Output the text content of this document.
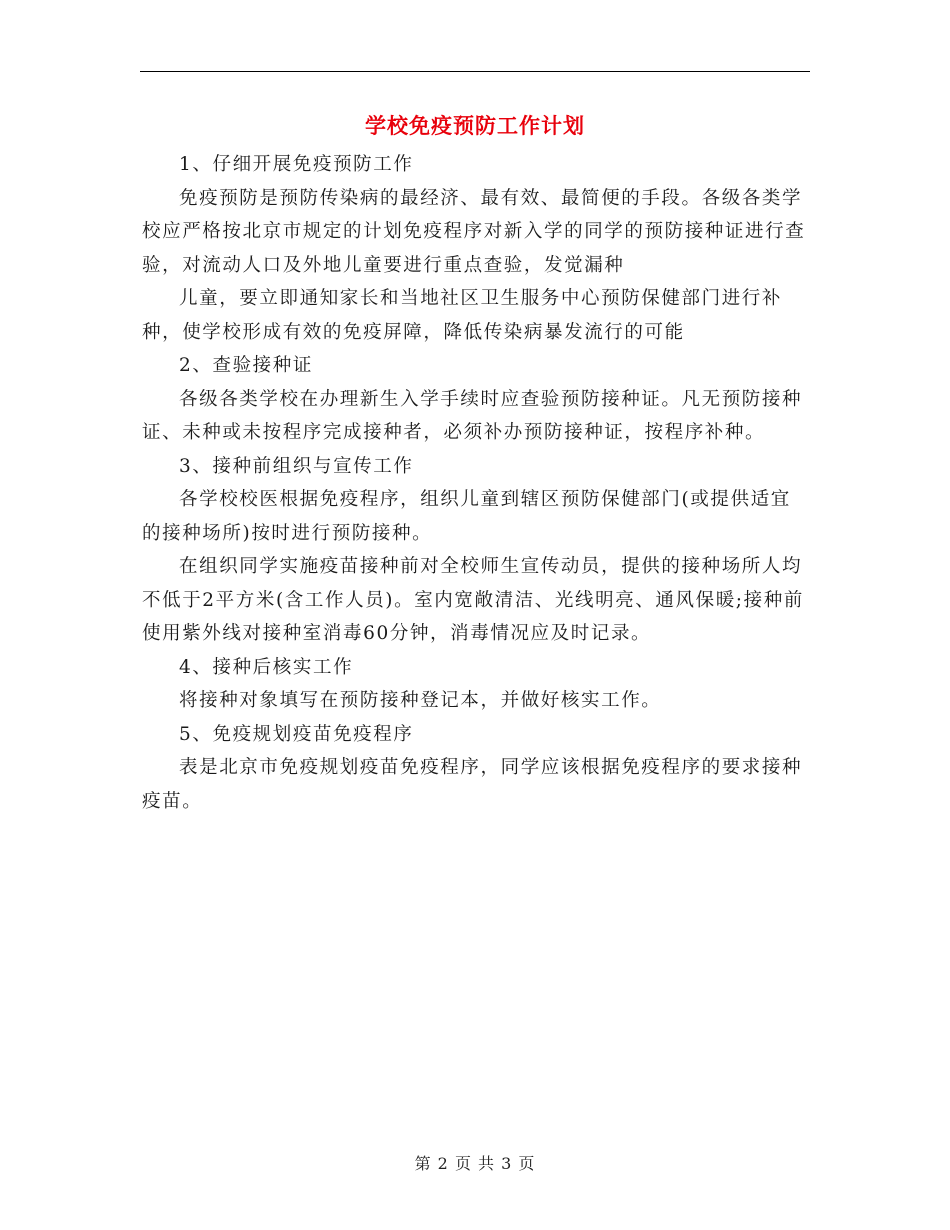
学校免疫预防工作计划

1、仔细开展免疫预防工作

免疫预防是预防传染病的最经济、最有效、最简便的手段。各级各类学校应严格按北京市规定的计划免疫程序对新入学的同学的预防接种证进行查验，对流动人口及外地儿童要进行重点查验，发觉漏种

儿童，要立即通知家长和当地社区卫生服务中心预防保健部门进行补种，使学校形成有效的免疫屏障，降低传染病暴发流行的可能

2、查验接种证

各级各类学校在办理新生入学手续时应查验预防接种证。凡无预防接种证、未种或未按程序完成接种者，必须补办预防接种证，按程序补种。

3、接种前组织与宣传工作

各学校校医根据免疫程序，组织儿童到辖区预防保健部门(或提供适宜的接种场所)按时进行预防接种。

在组织同学实施疫苗接种前对全校师生宣传动员，提供的接种场所人均不低于2平方米(含工作人员)。室内宽敞清洁、光线明亮、通风保暖;接种前使用紫外线对接种室消毒60分钟，消毒情况应及时记录。

4、接种后核实工作

将接种对象填写在预防接种登记本，并做好核实工作。

5、免疫规划疫苗免疫程序

表是北京市免疫规划疫苗免疫程序，同学应该根据免疫程序的要求接种疫苗。

第 2 页 共 3 页
